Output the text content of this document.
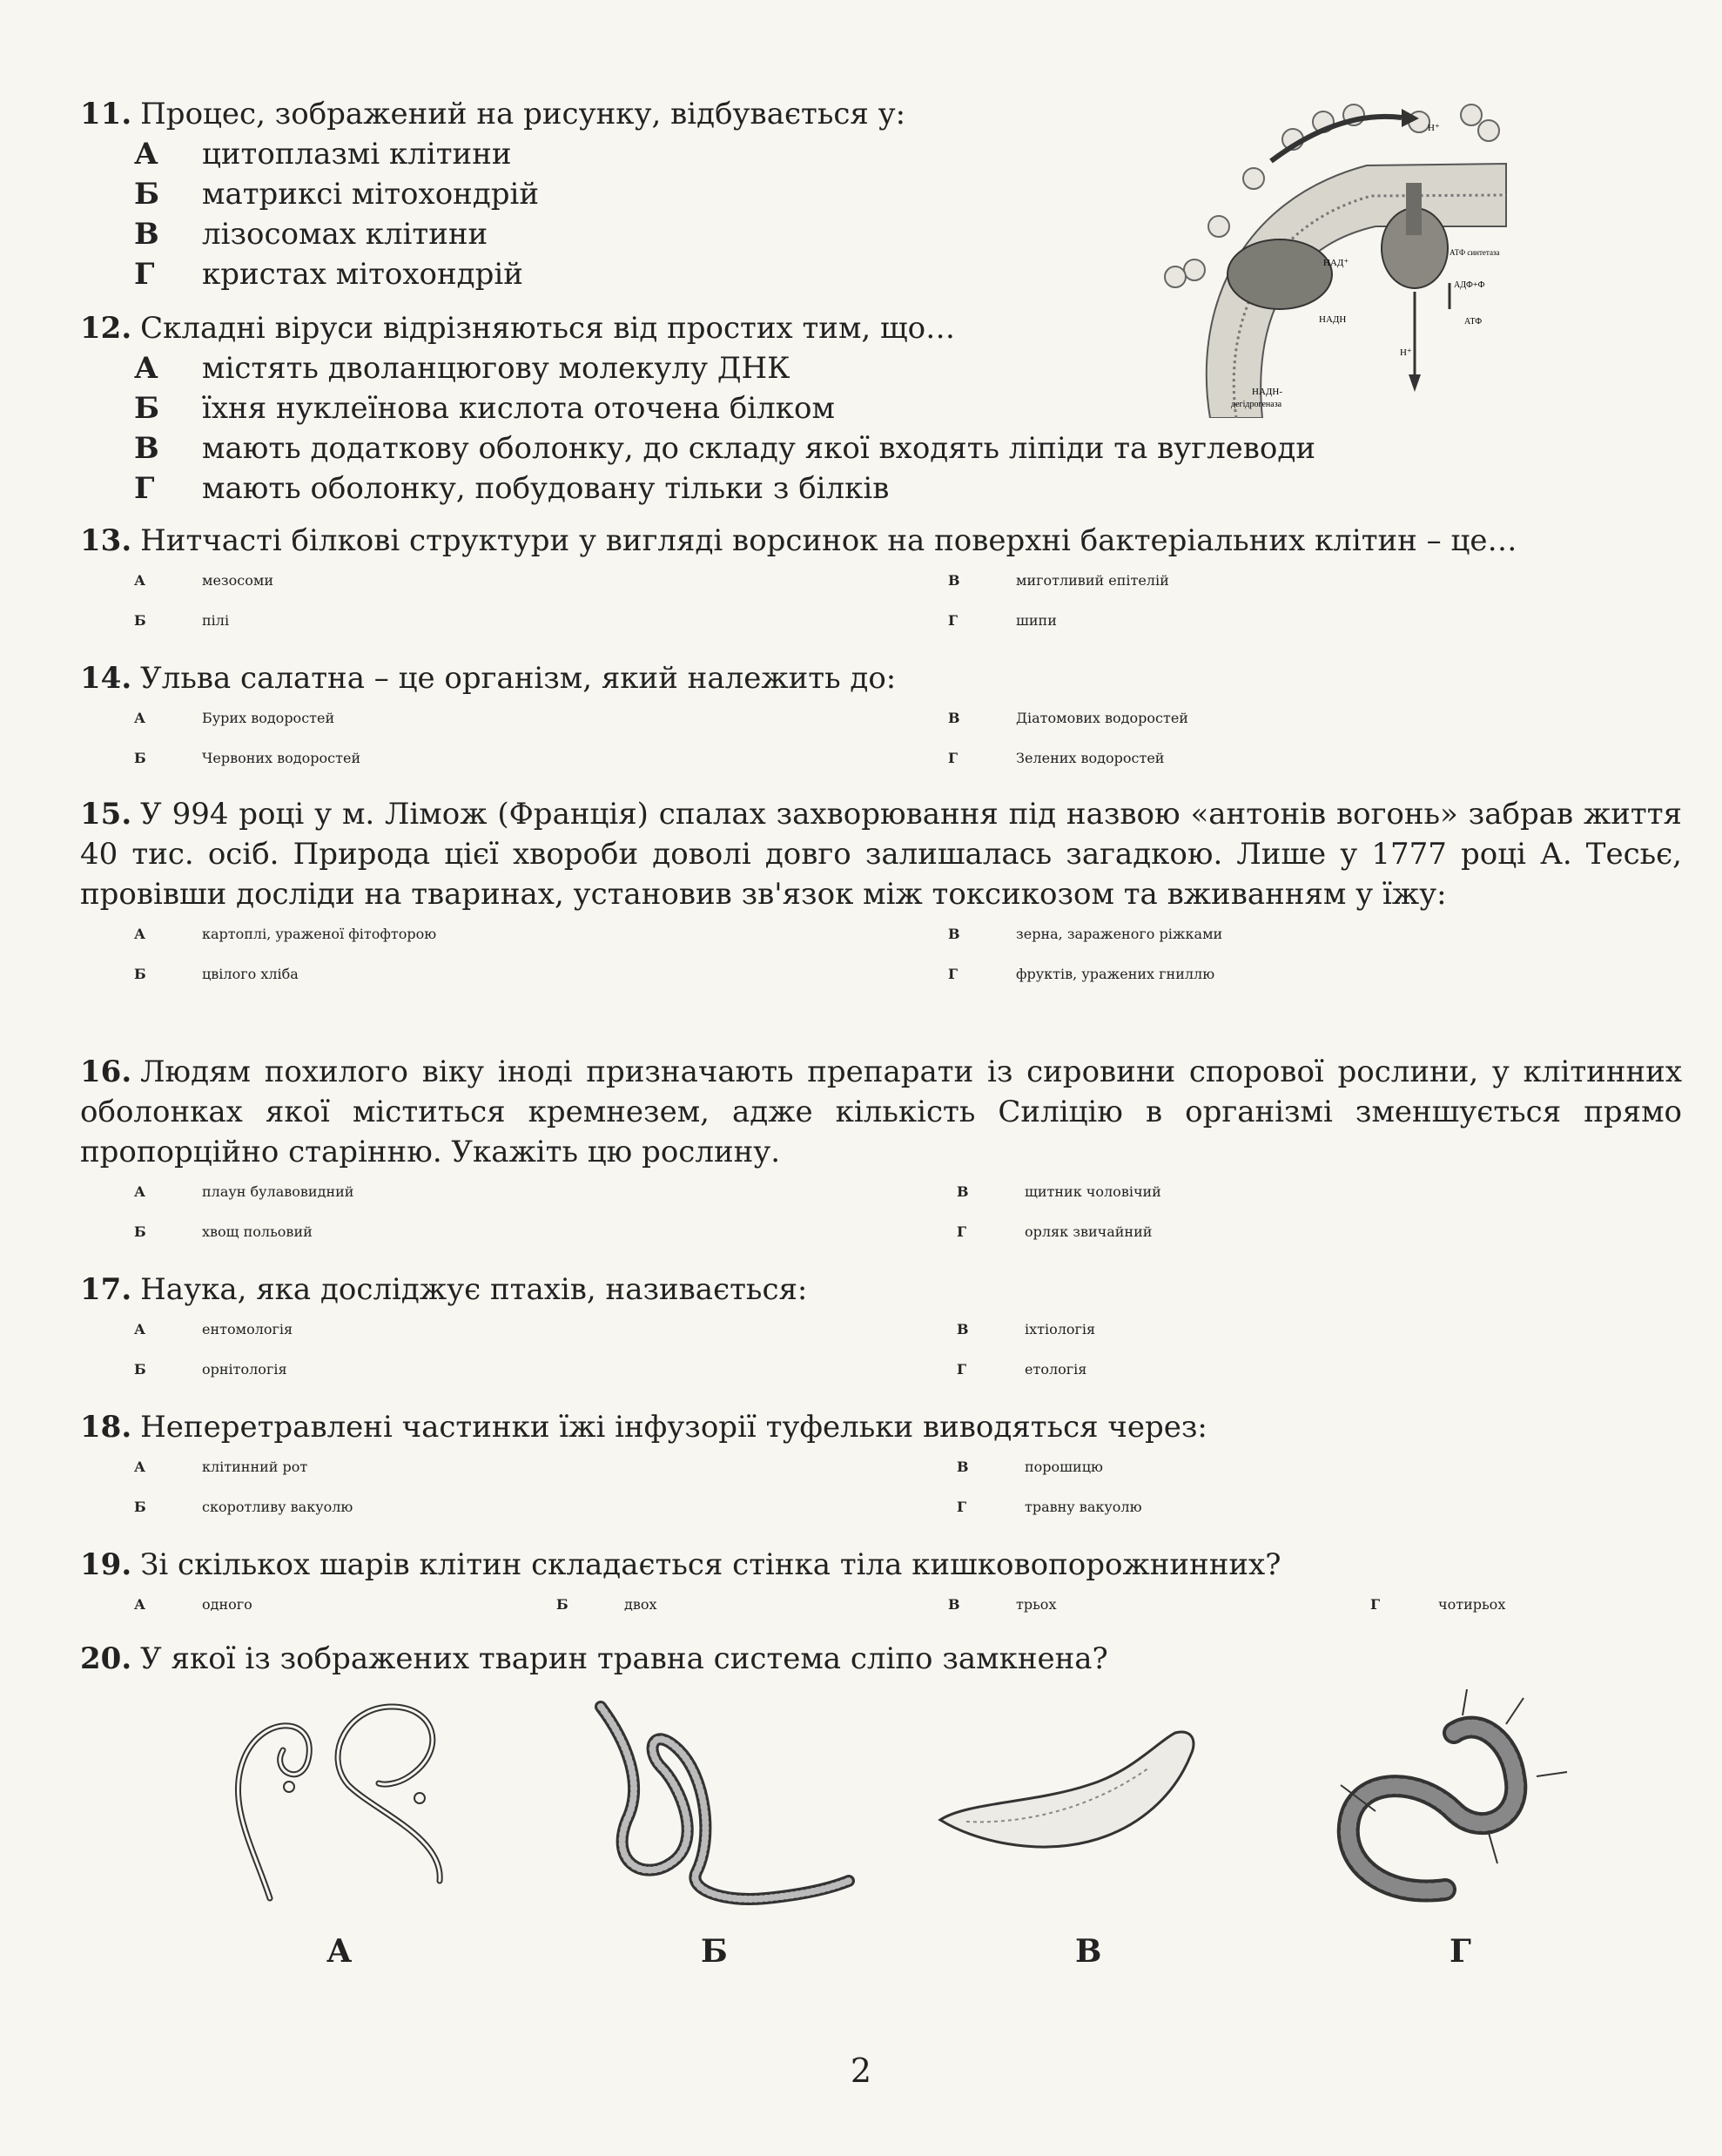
Н⁺
АТФ синтетаза
НАД⁺
НАДН
АДФ+Ф
АТФ
Н⁺
НАДН-
дегідрогеназа
11. Процес, зображений на рисунку, відбувається у:
А цитоплазмі клітини
Б матриксі мітохондрій
В лізосомах клітини
Г кристах мітохондрій
12. Складні віруси відрізняються від простих тим, що…
А містять дволанцюгову молекулу ДНК
Б їхня нуклеїнова кислота оточена білком
В мають додаткову оболонку, до складу якої входять ліпіди та вуглеводи
Г мають оболонку, побудовану тільки з білків
13. Нитчасті білкові структури у вигляді ворсинок на поверхні бактеріальних клітин – це…
А	мезосоми
Б	пілі
В	миготливий епітелій
Г	шипи
14. Ульва салатна – це організм, який належить до:
А	Бурих водоростей
Б	Червоних водоростей
В	Діатомових водоростей
Г	Зелених водоростей
15. У 994 році у м. Лімож (Франція) спалах захворювання під назвою «антонів вогонь» забрав життя 40 тис. осіб. Природа цієї хвороби доволі довго залишалась загадкою. Лише у 1777 році А. Тесьє, провівши досліди на тваринах, установив зв'язок між токсикозом та вживанням у їжу:
А	картоплі, ураженої фітофторою
Б	цвілого хліба
В	зерна, зараженого ріжками
Г	фруктів, уражених гниллю
16. Людям похилого віку іноді призначають препарати із сировини спорової рослини, у клітинних оболонках якої міститься кремнезем, адже кількість Силіцію в організмі зменшується прямо пропорційно старінню. Укажіть цю рослину.
А	плаун булавовидний
Б	хвощ польовий
В	щитник чоловічий
Г	орляк звичайний
17. Наука, яка досліджує птахів, називається:
А	ентомологія
Б	орнітологія
В	іхтіологія
Г	етологія
18. Неперетравлені частинки їжі інфузорії туфельки виводяться через:
А	клітинний рот
Б	скоротливу вакуолю
В	порошицю
Г	травну вакуолю
19. Зі скількох шарів клітин складається стінка тіла кишковопорожнинних?
А	одного	Б	двох	В	трьох	Г	чотирьох
20. У якої із зображених тварин травна система сліпо замкнена?
А	Б	В	Г
2
